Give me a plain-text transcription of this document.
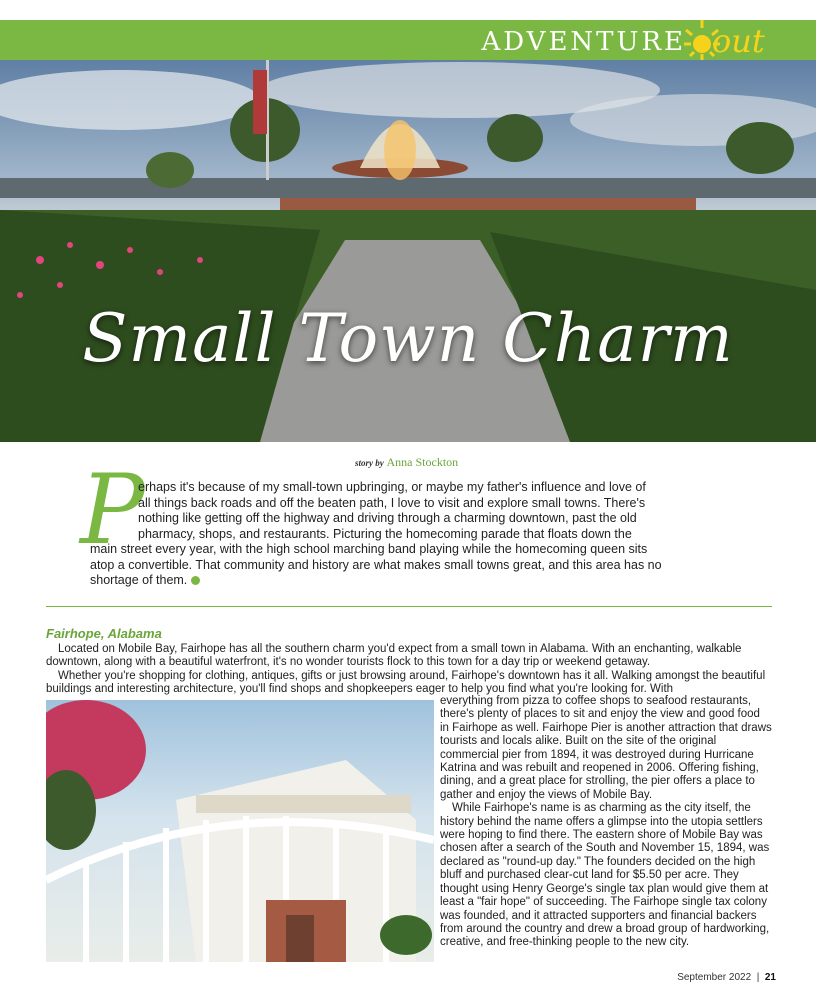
ADVENTURE out
Small Town Charm
story by Anna Stockton
P
erhaps it's because of my small-town upbringing, or maybe my father's influence and love of
all things back roads and off the beaten path, I love to visit and explore small towns. There's
nothing like getting off the highway and driving through a charming downtown, past the old
pharmacy, shops, and restaurants. Picturing the homecoming parade that floats down the
main street every year, with the high school marching band playing while the homecoming queen sits
atop a convertible. That community and history are what makes small towns great, and this area has no
shortage of them.
Fairhope, Alabama

Located on Mobile Bay, Fairhope has all the southern charm you'd expect from a small town in Alabama. With an enchanting, walkable downtown, along with a beautiful waterfront, it's no wonder tourists flock to this town for a day trip or weekend getaway.

Whether you're shopping for clothing, antiques, gifts or just browsing around, Fairhope's downtown has it all. Walking amongst the beautiful buildings and interesting architecture, you'll find shops and shopkeepers eager to help you find what you're looking for. With

everything from pizza to coffee shops to seafood restaurants, there's plenty of places to sit and enjoy the view and good food in Fairhope as well. Fairhope Pier is another attraction that draws tourists and locals alike. Built on the site of the original commercial pier from 1894, it was destroyed during Hurricane Katrina and was rebuilt and reopened in 2006. Offering fishing, dining, and a great place for strolling, the pier offers a place to gather and enjoy the views of Mobile Bay.

While Fairhope's name is as charming as the city itself, the history behind the name offers a glimpse into the utopia settlers were hoping to find there. The eastern shore of Mobile Bay was chosen after a search of the South and November 15, 1894, was declared as "round-up day." The founders decided on the high bluff and purchased clear-cut land for $5.50 per acre. They thought using Henry George's single tax plan would give them at least a "fair hope" of succeeding. The Fairhope single tax colony was founded, and it attracted supporters and financial backers from around the country and drew a broad group of hardworking, creative, and free-thinking people to the new city.

September 2022 | 21
